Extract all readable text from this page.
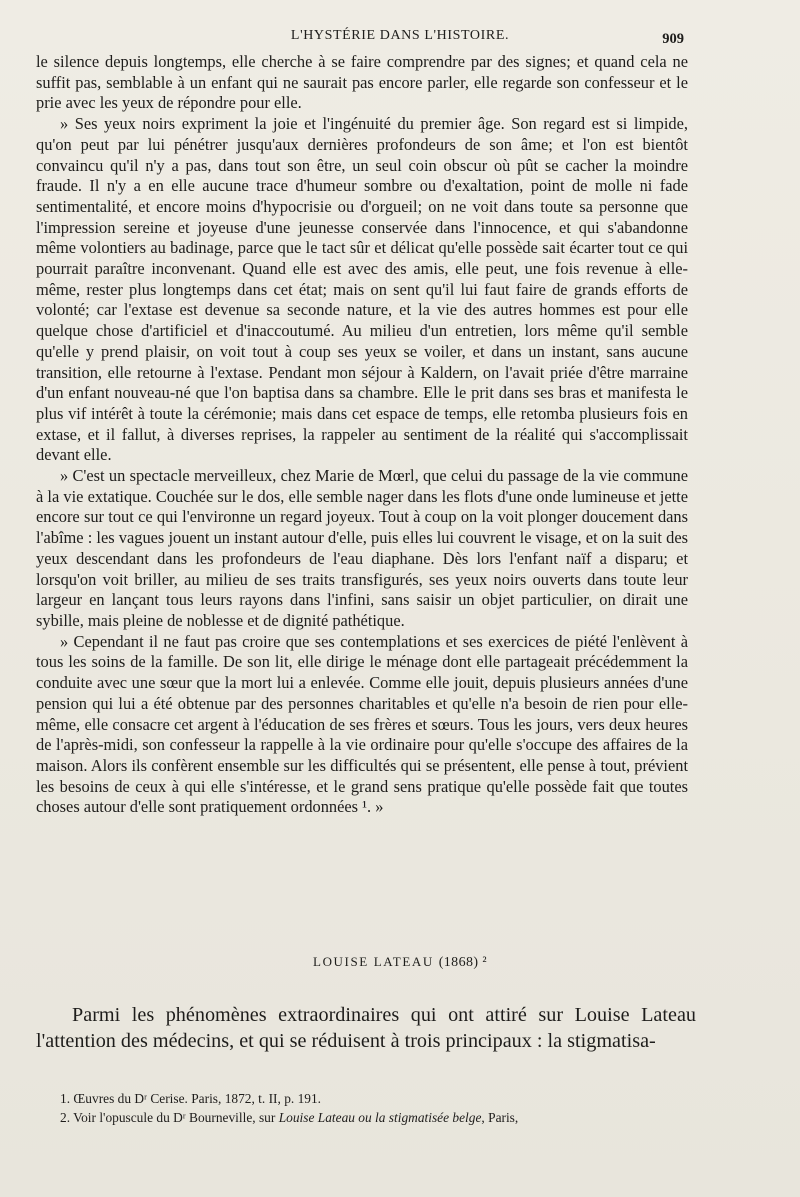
L'HYSTÉRIE DANS L'HISTOIRE.	909

le silence depuis longtemps, elle cherche à se faire comprendre par des signes; et quand cela ne suffit pas, semblable à un enfant qui ne saurait pas encore parler, elle regarde son confesseur et le prie avec les yeux de répondre pour elle.

» Ses yeux noirs expriment la joie et l'ingénuité du premier âge. Son regard est si limpide, qu'on peut par lui pénétrer jusqu'aux dernières profondeurs de son âme; et l'on est bientôt convaincu qu'il n'y a pas, dans tout son être, un seul coin obscur où pût se cacher la moindre fraude. Il n'y a en elle aucune trace d'humeur sombre ou d'exaltation, point de molle ni fade sentimentalité, et encore moins d'hypocrisie ou d'orgueil; on ne voit dans toute sa personne que l'impression sereine et joyeuse d'une jeunesse conservée dans l'innocence, et qui s'abandonne même volontiers au badinage, parce que le tact sûr et délicat qu'elle possède sait écarter tout ce qui pourrait paraître inconvenant. Quand elle est avec des amis, elle peut, une fois revenue à elle-même, rester plus longtemps dans cet état; mais on sent qu'il lui faut faire de grands efforts de volonté; car l'extase est devenue sa seconde nature, et la vie des autres hommes est pour elle quelque chose d'artificiel et d'inaccoutumé. Au milieu d'un entretien, lors même qu'il semble qu'elle y prend plaisir, on voit tout à coup ses yeux se voiler, et dans un instant, sans aucune transition, elle retourne à l'extase. Pendant mon séjour à Kaldern, on l'avait priée d'être marraine d'un enfant nouveau-né que l'on baptisa dans sa chambre. Elle le prit dans ses bras et manifesta le plus vif intérêt à toute la cérémonie; mais dans cet espace de temps, elle retomba plusieurs fois en extase, et il fallut, à diverses reprises, la rappeler au sentiment de la réalité qui s'accomplissait devant elle.

» C'est un spectacle merveilleux, chez Marie de Mœrl, que celui du passage de la vie commune à la vie extatique. Couchée sur le dos, elle semble nager dans les flots d'une onde lumineuse et jette encore sur tout ce qui l'environne un regard joyeux. Tout à coup on la voit plonger doucement dans l'abîme : les vagues jouent un instant autour d'elle, puis elles lui couvrent le visage, et on la suit des yeux descendant dans les profondeurs de l'eau diaphane. Dès lors l'enfant naïf a disparu; et lorsqu'on voit briller, au milieu de ses traits transfigurés, ses yeux noirs ouverts dans toute leur largeur en lançant tous leurs rayons dans l'infini, sans saisir un objet particulier, on dirait une sybille, mais pleine de noblesse et de dignité pathétique.

» Cependant il ne faut pas croire que ses contemplations et ses exercices de piété l'enlèvent à tous les soins de la famille. De son lit, elle dirige le ménage dont elle partageait précédemment la conduite avec une sœur que la mort lui a enlevée. Comme elle jouit, depuis plusieurs années d'une pension qui lui a été obtenue par des personnes charitables et qu'elle n'a besoin de rien pour elle-même, elle consacre cet argent à l'éducation de ses frères et sœurs. Tous les jours, vers deux heures de l'après-midi, son confesseur la rappelle à la vie ordinaire pour qu'elle s'occupe des affaires de la maison. Alors ils confèrent ensemble sur les difficultés qui se présentent, elle pense à tout, prévient les besoins de ceux à qui elle s'intéresse, et le grand sens pratique qu'elle possède fait que toutes choses autour d'elle sont pratiquement ordonnées ¹. »

LOUISE LATEAU (1868) ²

Parmi les phénomènes extraordinaires qui ont attiré sur Louise Lateau l'attention des médecins, et qui se réduisent à trois principaux : la stigmatisa-

1. Œuvres du Dʳ Cerise. Paris, 1872, t. II, p. 191.
2. Voir l'opuscule du Dʳ Bourneville, sur Louise Lateau ou la stigmatisée belge, Paris,
